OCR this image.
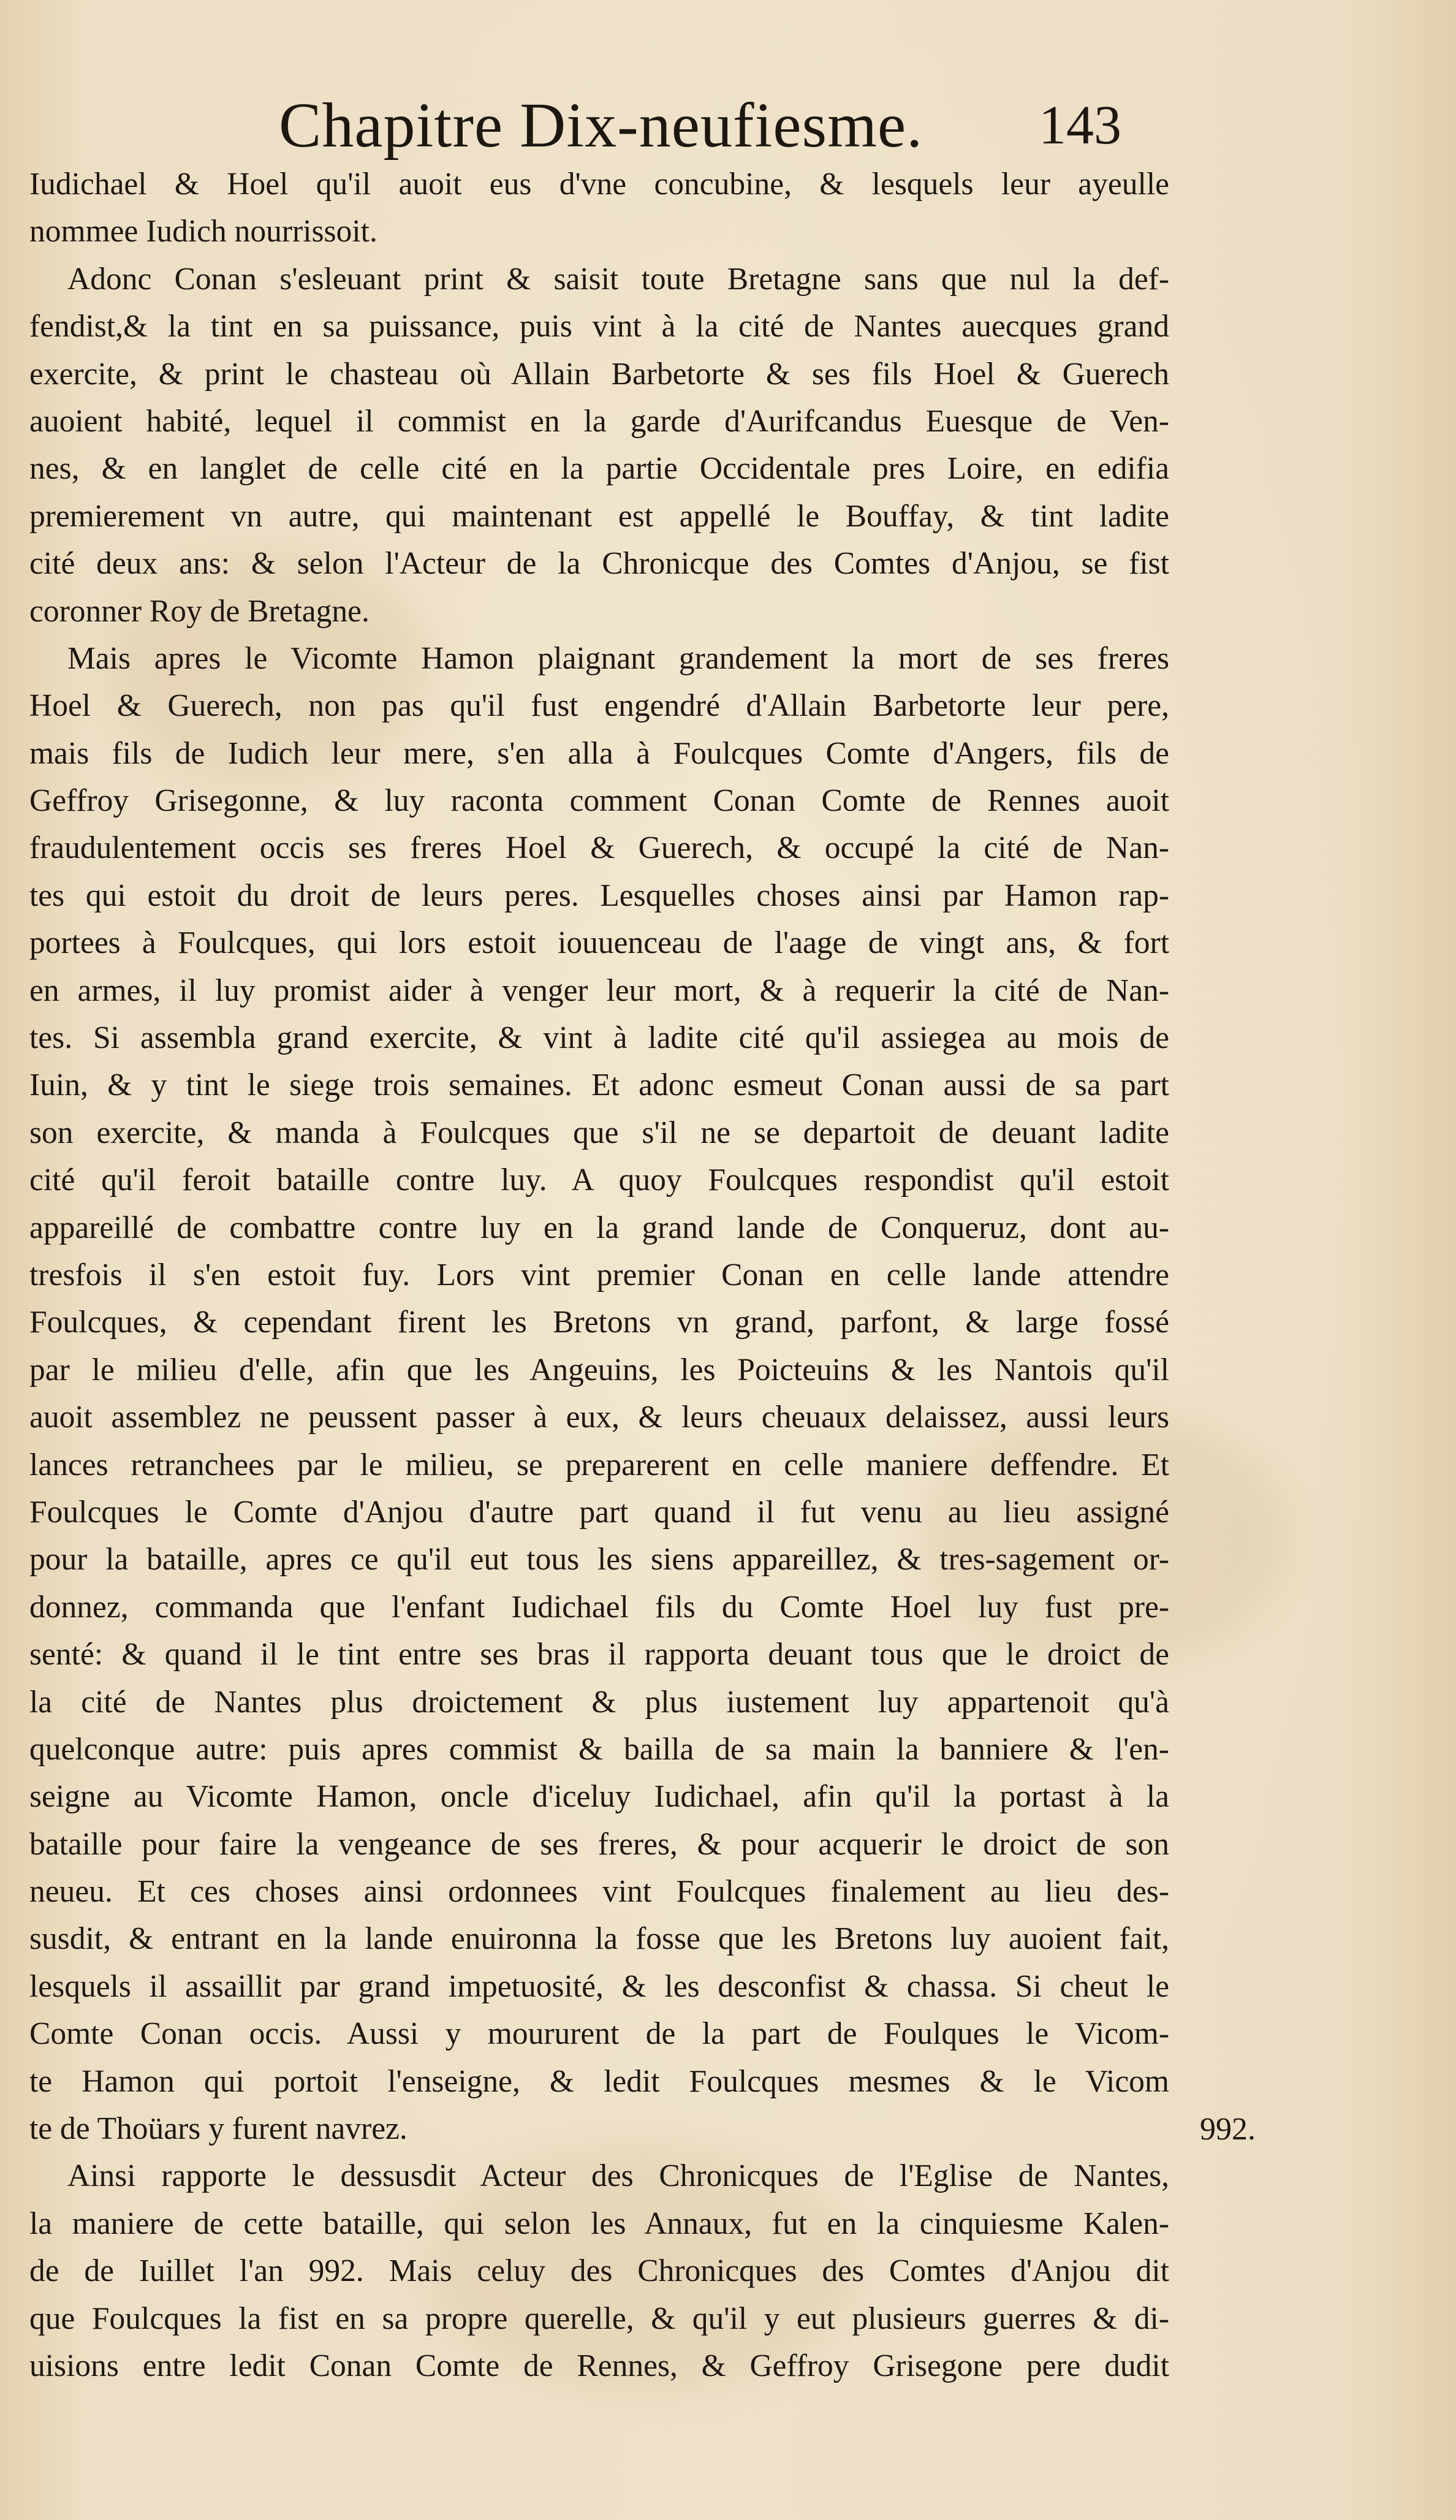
Chapitre Dix-neufiesme. 143
Iudichael & Hoel qu'il auoit eus d'vne concubine, & lesquels leur ayeulle
nommee Iudich nourrissoit.
Adonc Conan s'esleuant print & saisit toute Bretagne sans que nul la def-
fendist,& la tint en sa puissance, puis vint à la cité de Nantes auecques grand
exercite, & print le chasteau où Allain Barbetorte & ses fils Hoel & Guerech
auoient habité, lequel il commist en la garde d'Aurifcandus Euesque de Ven-
nes, & en langlet de celle cité en la partie Occidentale pres Loire, en edifia
premierement vn autre, qui maintenant est appellé le Bouffay, & tint ladite
cité deux ans: & selon l'Acteur de la Chronicque des Comtes d'Anjou, se fist
coronner Roy de Bretagne.
Mais apres le Vicomte Hamon plaignant grandement la mort de ses freres
Hoel & Guerech, non pas qu'il fust engendré d'Allain Barbetorte leur pere,
mais fils de Iudich leur mere, s'en alla à Foulcques Comte d'Angers, fils de
Geffroy Grisegonne, & luy raconta comment Conan Comte de Rennes auoit
fraudulentement occis ses freres Hoel & Guerech, & occupé la cité de Nan-
tes qui estoit du droit de leurs peres. Lesquelles choses ainsi par Hamon rap-
portees à Foulcques, qui lors estoit iouuenceau de l'aage de vingt ans, & fort
en armes, il luy promist aider à venger leur mort, & à requerir la cité de Nan-
tes. Si assembla grand exercite, & vint à ladite cité qu'il assiegea au mois de
Iuin, & y tint le siege trois semaines. Et adonc esmeut Conan aussi de sa part
son exercite, & manda à Foulcques que s'il ne se departoit de deuant ladite
cité qu'il feroit bataille contre luy. A quoy Foulcques respondist qu'il estoit
appareillé de combattre contre luy en la grand lande de Conqueruz, dont au-
tresfois il s'en estoit fuy. Lors vint premier Conan en celle lande attendre
Foulcques, & cependant firent les Bretons vn grand, parfont, & large fossé
par le milieu d'elle, afin que les Angeuins, les Poicteuins & les Nantois qu'il
auoit assemblez ne peussent passer à eux, & leurs cheuaux delaissez, aussi leurs
lances retranchees par le milieu, se preparerent en celle maniere deffendre. Et
Foulcques le Comte d'Anjou d'autre part quand il fut venu au lieu assigné
pour la bataille, apres ce qu'il eut tous les siens appareillez, & tres-sagement or-
donnez, commanda que l'enfant Iudichael fils du Comte Hoel luy fust pre-
senté: & quand il le tint entre ses bras il rapporta deuant tous que le droict de
la cité de Nantes plus droictement & plus iustement luy appartenoit qu'à
quelconque autre: puis apres commist & bailla de sa main la banniere & l'en-
seigne au Vicomte Hamon, oncle d'iceluy Iudichael, afin qu'il la portast à la
bataille pour faire la vengeance de ses freres, & pour acquerir le droict de son
neueu. Et ces choses ainsi ordonnees vint Foulcques finalement au lieu des-
susdit, & entrant en la lande enuironna la fosse que les Bretons luy auoient fait,
lesquels il assaillit par grand impetuosité, & les desconfist & chassa. Si cheut le
Comte Conan occis. Aussi y moururent de la part de Foulques le Vicom-
te Hamon qui portoit l'enseigne, & ledit Foulcques mesmes & le Vicom
te de Thoüars y furent navrez.
Ainsi rapporte le dessusdit Acteur des Chronicques de l'Eglise de Nantes,
la maniere de cette bataille, qui selon les Annaux, fut en la cinquiesme Kalen-
de de Iuillet l'an 992. Mais celuy des Chronicques des Comtes d'Anjou dit
que Foulcques la fist en sa propre querelle, & qu'il y eut plusieurs guerres & di-
uisions entre ledit Conan Comte de Rennes, & Geffroy Grisegone pere dudit
992.
